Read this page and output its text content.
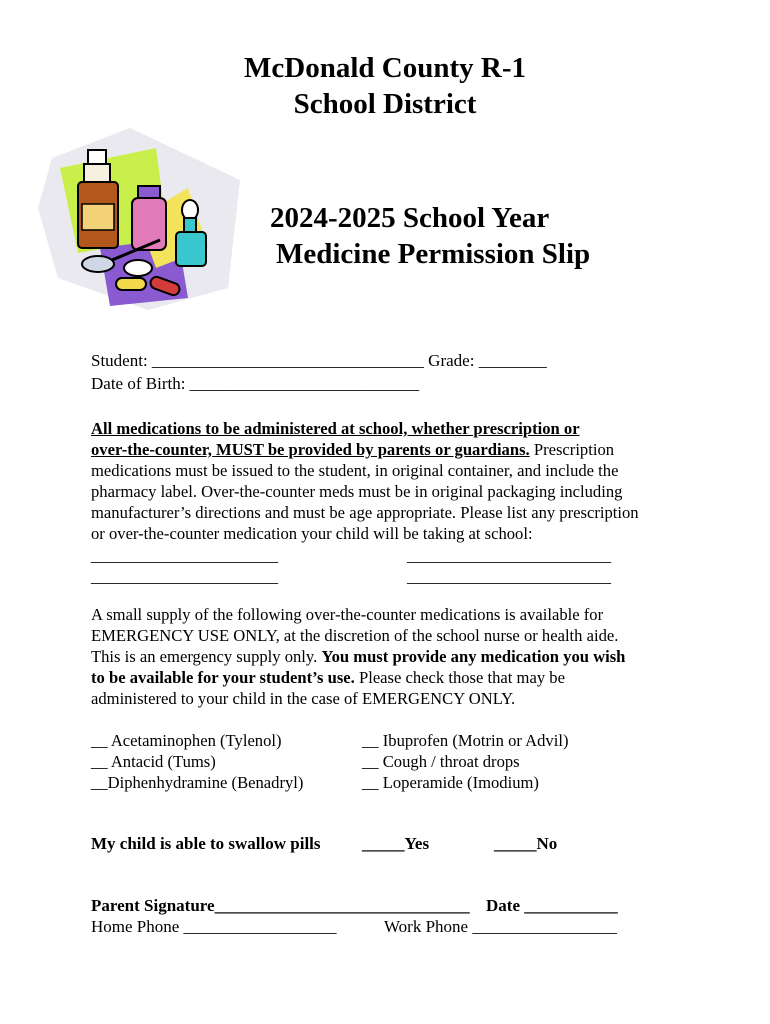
McDonald County R-1
School District
2024-2025 School Year
Medicine Permission Slip
Student: ________________________________ Grade: ________
Date of Birth: ___________________________
All medications to be administered at school, whether prescription or
over-the-counter, MUST be provided by parents or guardians. Prescription
medications must be issued to the student, in original container, and include the
pharmacy label. Over-the-counter meds must be in original packaging including
manufacturer’s directions and must be age appropriate. Please list any prescription
or over-the-counter medication your child will be taking at school:
______________________	________________________
______________________	________________________
A small supply of the following over-the-counter medications is available for
EMERGENCY USE ONLY, at the discretion of the school nurse or health aide.
This is an emergency supply only. You must provide any medication you wish
to be available for your student’s use. Please check those that may be
administered to your child in the case of EMERGENCY ONLY.
__ Acetaminophen (Tylenol)
__ Antacid (Tums)
__Diphenhydramine (Benadryl)
__ Ibuprofen (Motrin or Advil)
__ Cough / throat drops
__ Loperamide (Imodium)
My child is able to swallow pills _____Yes	_____No
Parent Signature______________________________ Date ___________
Home Phone __________________	Work Phone _________________
